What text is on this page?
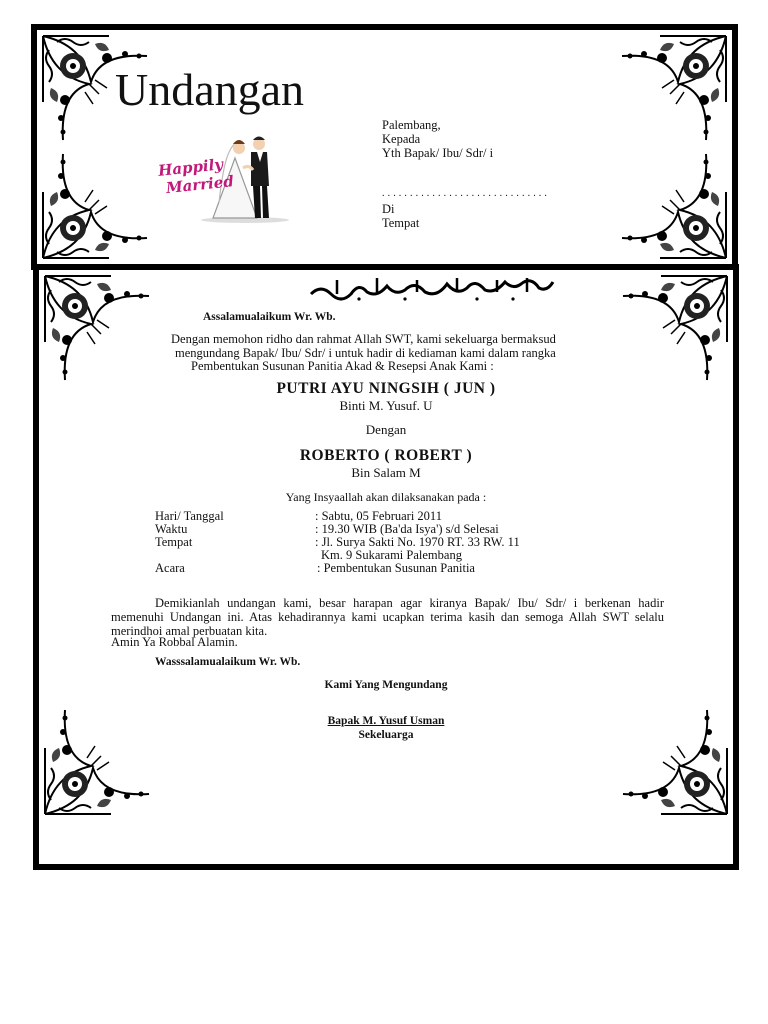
Undangan
Happily
Married
Palembang,
Kepada
Yth Bapak/ Ibu/ Sdr/ i
. . . . . . . . . . . . . . . . . . . . . . . . . . . . . .
Di
Tempat
Assalamualaikum Wr. Wb.
Dengan memohon ridho dan rahmat Allah SWT, kami sekeluarga bermaksud
mengundang Bapak/ Ibu/ Sdr/ i untuk hadir di kediaman kami dalam rangka
Pembentukan Susunan Panitia Akad & Resepsi Anak Kami :
PUTRI AYU NINGSIH ( JUN )
Binti M. Yusuf. U
Dengan
ROBERTO ( ROBERT )
Bin Salam M
Yang Insyaallah akan dilaksanakan pada :
Hari/ Tanggal	: Sabtu, 05 Februari 2011
Waktu	: 19.30 WIB (Ba'da Isya') s/d Selesai
Tempat	: Jl. Surya Sakti No. 1970 RT. 33 RW. 11
Km. 9 Sukarami Palembang
Acara	: Pembentukan Susunan Panitia
Demikianlah undangan kami, besar harapan agar kiranya Bapak/ Ibu/ Sdr/ i berkenan hadir memenuhi Undangan ini. Atas kehadirannya kami ucapkan terima kasih dan semoga Allah SWT selalu merindhoi amal perbuatan kita.
Amin Ya Robbal Alamin.
Wasssalamualaikum Wr. Wb.
Kami Yang Mengundang
Bapak M. Yusuf Usman
Sekeluarga
